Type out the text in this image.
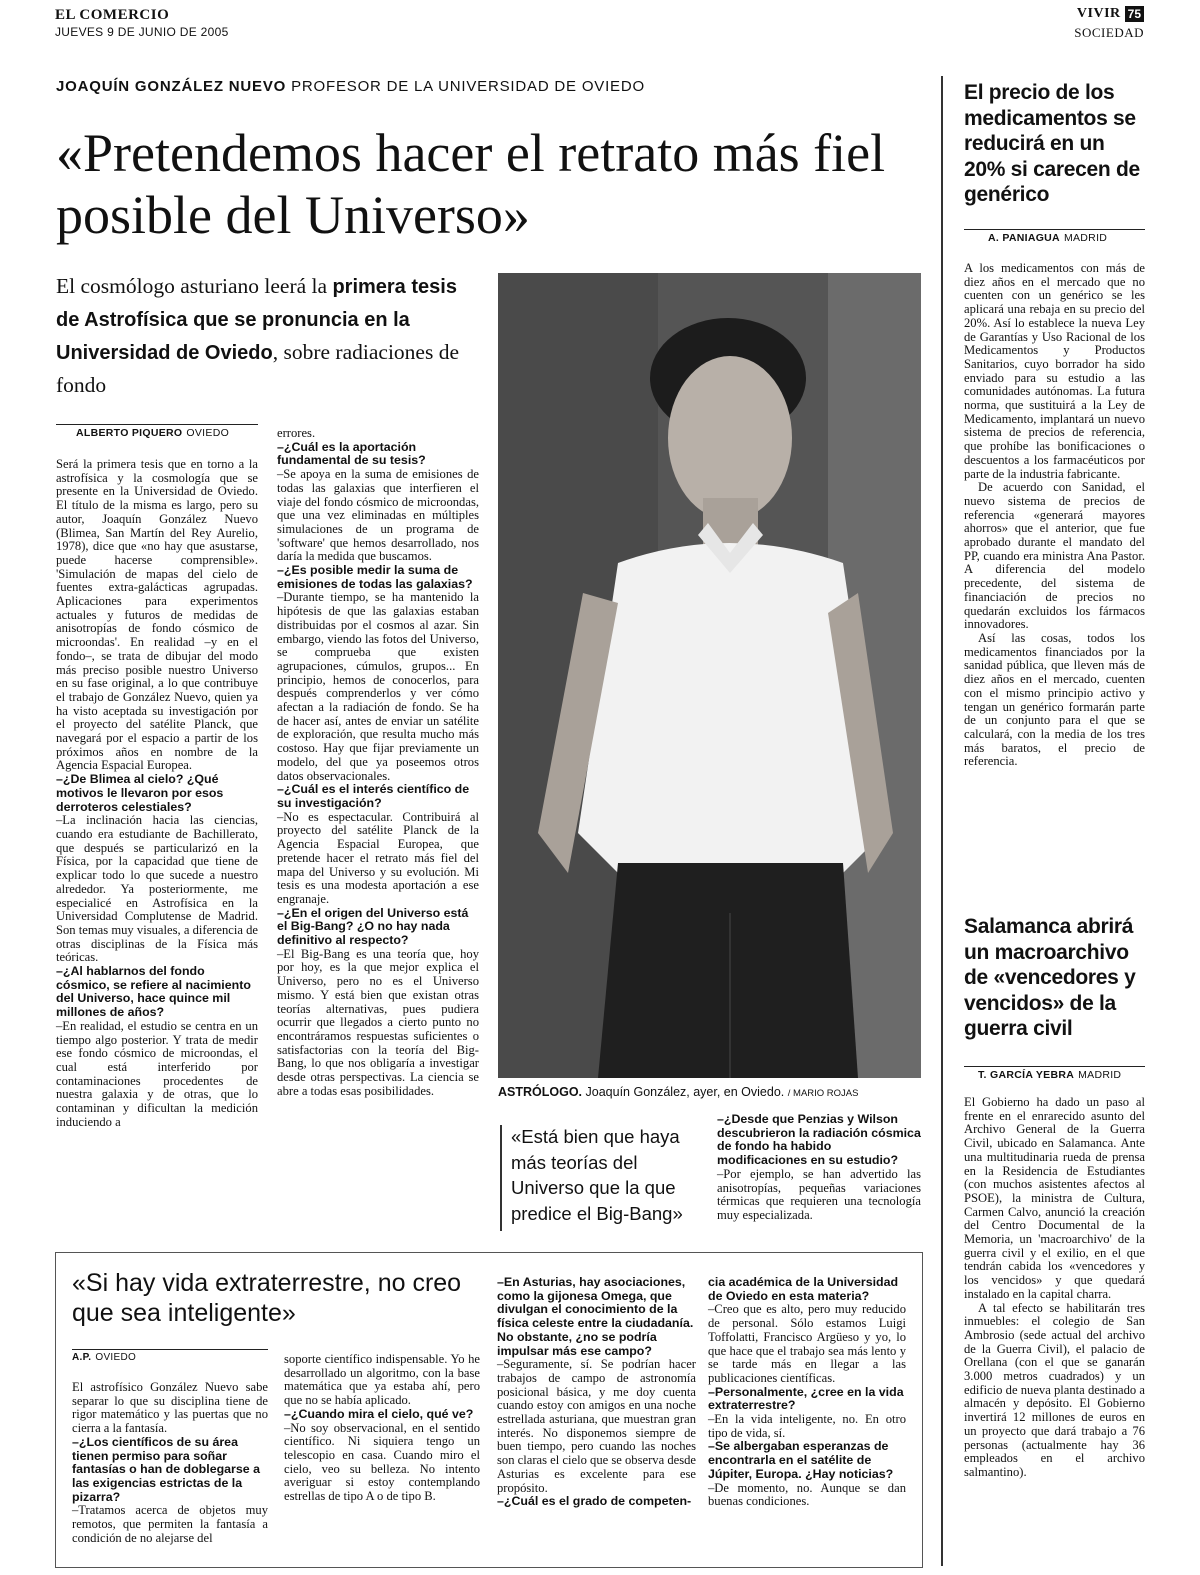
EL COMERCIO
JUEVES 9 DE JUNIO DE 2005
VIVIR 75
SOCIEDAD
JOAQUÍN GONZÁLEZ NUEVO PROFESOR DE LA UNIVERSIDAD DE OVIEDO
«Pretendemos hacer el retrato más fiel posible del Universo»
El cosmólogo asturiano leerá la primera tesis de Astrofísica que se pronuncia en la Universidad de Oviedo, sobre radiaciones de fondo
ALBERTO PIQUERO OVIEDO

Será la primera tesis que en torno a la astrofísica y la cosmología que se presente en la Universidad de Oviedo. El título de la misma es largo, pero su autor, Joaquín González Nuevo (Blimea, San Martín del Rey Aurelio, 1978), dice que «no hay que asustarse, puede hacerse comprensible». 'Simulación de mapas del cielo de fuentes extra-galácticas agrupadas. Aplicaciones para experimentos actuales y futuros de medidas de anisotropías de fondo cósmico de microondas'. En realidad –y en el fondo–, se trata de dibujar del modo más preciso posible nuestro Universo en su fase original, a lo que contribuye el trabajo de González Nuevo, quien ya ha visto aceptada su investigación por el proyecto del satélite Planck, que navegará por el espacio a partir de los próximos años en nombre de la Agencia Espacial Europea.

–¿De Blimea al cielo? ¿Qué motivos le llevaron por esos derroteros celestiales?

–La inclinación hacia las ciencias, cuando era estudiante de Bachillerato, que después se particularizó en la Física, por la capacidad que tiene de explicar todo lo que sucede a nuestro alrededor. Ya posteriormente, me especialicé en Astrofísica en la Universidad Complutense de Madrid. Son temas muy visuales, a diferencia de otras disciplinas de la Física más teóricas.

–¿Al hablarnos del fondo cósmico, se refiere al nacimiento del Universo, hace quince mil millones de años?

–En realidad, el estudio se centra en un tiempo algo posterior. Y trata de medir ese fondo cósmico de microondas, el cual está interferido por contaminaciones procedentes de nuestra galaxia y de otras, que lo contaminan y dificultan la medición induciendo a

errores.

–¿Cuál es la aportación fundamental de su tesis?

–Se apoya en la suma de emisiones de todas las galaxias que interfieren el viaje del fondo cósmico de microondas, que una vez eliminadas en múltiples simulaciones de un programa de 'software' que hemos desarrollado, nos daría la medida que buscamos.

–¿Es posible medir la suma de emisiones de todas las galaxias?

–Durante tiempo, se ha mantenido la hipótesis de que las galaxias estaban distribuidas por el cosmos al azar. Sin embargo, viendo las fotos del Universo, se comprueba que existen agrupaciones, cúmulos, grupos... En principio, hemos de conocerlos, para después comprenderlos y ver cómo afectan a la radiación de fondo. Se ha de hacer así, antes de enviar un satélite de exploración, que resulta mucho más costoso. Hay que fijar previamente un modelo, del que ya poseemos otros datos observacionales.

–¿Cuál es el interés científico de su investigación?

–No es espectacular. Contribuirá al proyecto del satélite Planck de la Agencia Espacial Europea, que pretende hacer el retrato más fiel del mapa del Universo y su evolución. Mi tesis es una modesta aportación a ese engranaje.

–¿En el origen del Universo está el Big-Bang? ¿O no hay nada definitivo al respecto?

–El Big-Bang es una teoría que, hoy por hoy, es la que mejor explica el Universo, pero no es el Universo mismo. Y está bien que existan otras teorías alternativas, pues pudiera ocurrir que llegados a cierto punto no encontráramos respuestas suficientes o satisfactorias con la teoría del Big-Bang, lo que nos obligaría a investigar desde otras perspectivas. La ciencia se abre a todas esas posibilidades.	ASTRÓLOGO. Joaquín González, ayer, en Oviedo. / MARIO ROJAS
«Está bien que haya más teorías del Universo que la que predice el Big-Bang»

–¿Desde que Penzias y Wilson descubrieron la radiación cósmica de fondo ha habido modificaciones en su estudio?

–Por ejemplo, se han advertido las anisotropías, pequeñas variaciones térmicas que requieren una tecnología muy especializada.

El precio de los medicamentos se reducirá en un 20% si carecen de genérico
A. PANIAGUA MADRID

A los medicamentos con más de diez años en el mercado que no cuenten con un genérico se les aplicará una rebaja en su precio del 20%. Así lo establece la nueva Ley de Garantías y Uso Racional de los Medicamentos y Productos Sanitarios, cuyo borrador ha sido enviado para su estudio a las comunidades autónomas. La futura norma, que sustituirá a la Ley de Medicamento, implantará un nuevo sistema de precios de referencia, que prohíbe las bonificaciones o descuentos a los farmacéuticos por parte de la industria fabricante.

De acuerdo con Sanidad, el nuevo sistema de precios de referencia «generará mayores ahorros» que el anterior, que fue aprobado durante el mandato del PP, cuando era ministra Ana Pastor. A diferencia del modelo precedente, del sistema de financiación de precios no quedarán excluidos los fármacos innovadores.

Así las cosas, todos los medicamentos financiados por la sanidad pública, que lleven más de diez años en el mercado, cuenten con el mismo principio activo y tengan un genérico formarán parte de un conjunto para el que se calculará, con la media de los tres más baratos, el precio de referencia.

Salamanca abrirá un macroarchivo de «vencedores y vencidos» de la guerra civil
T. GARCÍA YEBRA MADRID

El Gobierno ha dado un paso al frente en el enrarecido asunto del Archivo General de la Guerra Civil, ubicado en Salamanca. Ante una multitudinaria rueda de prensa en la Residencia de Estudiantes (con muchos asistentes afectos al PSOE), la ministra de Cultura, Carmen Calvo, anunció la creación del Centro Documental de la Memoria, un 'macroarchivo' de la guerra civil y el exilio, en el que tendrán cabida los «vencedores y los vencidos» y que quedará instalado en la capital charra.

A tal efecto se habilitarán tres inmuebles: el colegio de San Ambrosio (sede actual del archivo de la Guerra Civil), el palacio de Orellana (con el que se ganarán 3.000 metros cuadrados) y un edificio de nueva planta destinado a almacén y depósito. El Gobierno invertirá 12 millones de euros en un proyecto que dará trabajo a 76 personas (actualmente hay 36 empleados en el archivo salmantino).

«Si hay vida extraterrestre, no creo que sea inteligente»
A.P. OVIEDO

El astrofísico González Nuevo sabe separar lo que su disciplina tiene de rigor matemático y las puertas que no cierra a la fantasía.

–¿Los científicos de su área tienen permiso para soñar fantasías o han de doblegarse a las exigencias estrictas de la pizarra?

–Tratamos acerca de objetos muy remotos, que permiten la fantasía a condición de no alejarse del

soporte científico indispensable. Yo he desarrollado un algoritmo, con la base matemática que ya estaba ahí, pero que no se había aplicado.

–¿Cuando mira el cielo, qué ve?

–No soy observacional, en el sentido científico. Ni siquiera tengo un telescopio en casa. Cuando miro el cielo, veo su belleza. No intento averiguar si estoy contemplando estrellas de tipo A o de tipo B.

–En Asturias, hay asociaciones, como la gijonesa Omega, que divulgan el conocimiento de la física celeste entre la ciudadanía. No obstante, ¿no se podría impulsar más ese campo?

–Seguramente, sí. Se podrían hacer trabajos de campo de astronomía posicional básica, y me doy cuenta cuando estoy con amigos en una noche estrellada asturiana, que muestran gran interés. No disponemos siempre de buen tiempo, pero cuando las noches son claras el cielo que se observa desde Asturias es excelente para ese propósito.

–¿Cuál es el grado de competen-

cia académica de la Universidad de Oviedo en esta materia?

–Creo que es alto, pero muy reducido de personal. Sólo estamos Luigi Toffolatti, Francisco Argüeso y yo, lo que hace que el trabajo sea más lento y se tarde más en llegar a las publicaciones científicas.

–Personalmente, ¿cree en la vida extraterrestre?

–En la vida inteligente, no. En otro tipo de vida, sí.

–Se albergaban esperanzas de encontrarla en el satélite de Júpiter, Europa. ¿Hay noticias?

–De momento, no. Aunque se dan buenas condiciones.
